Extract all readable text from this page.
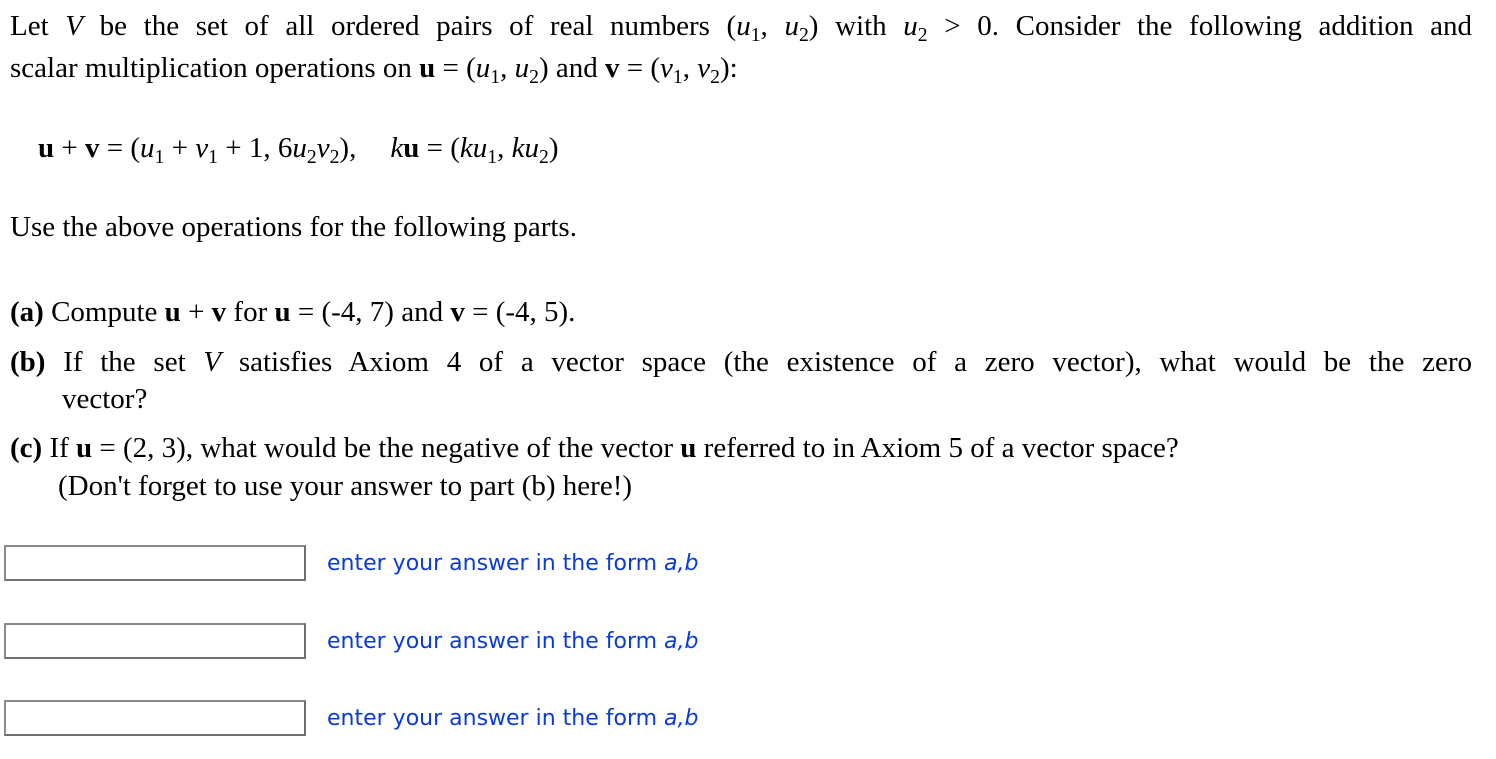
Let V be the set of all ordered pairs of real numbers ($u_1$, $u_2$) with $u_2 > 0$. Consider the following addition and
scalar multiplication operations on $u = (u_1$, $u_2$) and $v = (v_1$, $v_2$):
$u + v = (u_1 + v_1 + 1$, $6u_2v_2$), ku = ($ku_1$, $ku_2$)
Use the above operations for the following parts.
(a) Compute u + v for u = (-4, 7) and v = (-4, 5).
(b) If the set V satisfies Axiom 4 of a vector space (the existence of a zero vector), what would be the zero
vector?
(c) If u = (2, 3), what would be the negative of the vector u referred to in Axiom 5 of a vector space?
(Don't forget to use your answer to part (b) here!)
enter your answer in the form a,b
enter your answer in the form a,b
enter your answer in the form a,b
